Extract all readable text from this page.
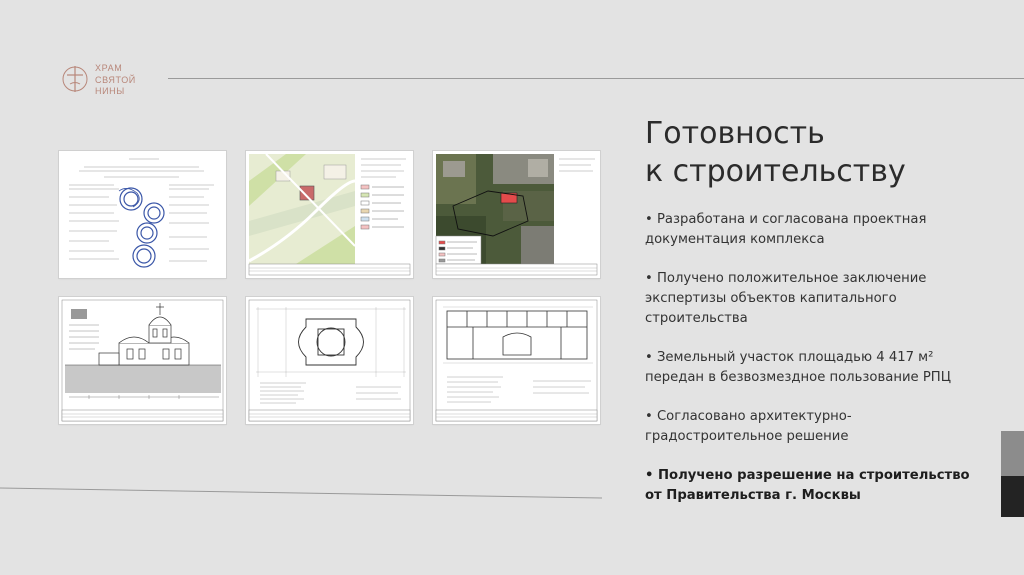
ХРАМ
СВЯТОЙ
НИНЫ
Готовность
к строительству
• Разработана и согласована проектная
документация комплекса
• Получено положительное заключение
экспертизы объектов капитального
строительства
• Земельный участок площадью 4 417 м²
передан в безвозмездное пользование РПЦ
• Согласовано архитектурно-
градостроительное решение
• Получено разрешение на строительство
от Правительства г. Москвы
